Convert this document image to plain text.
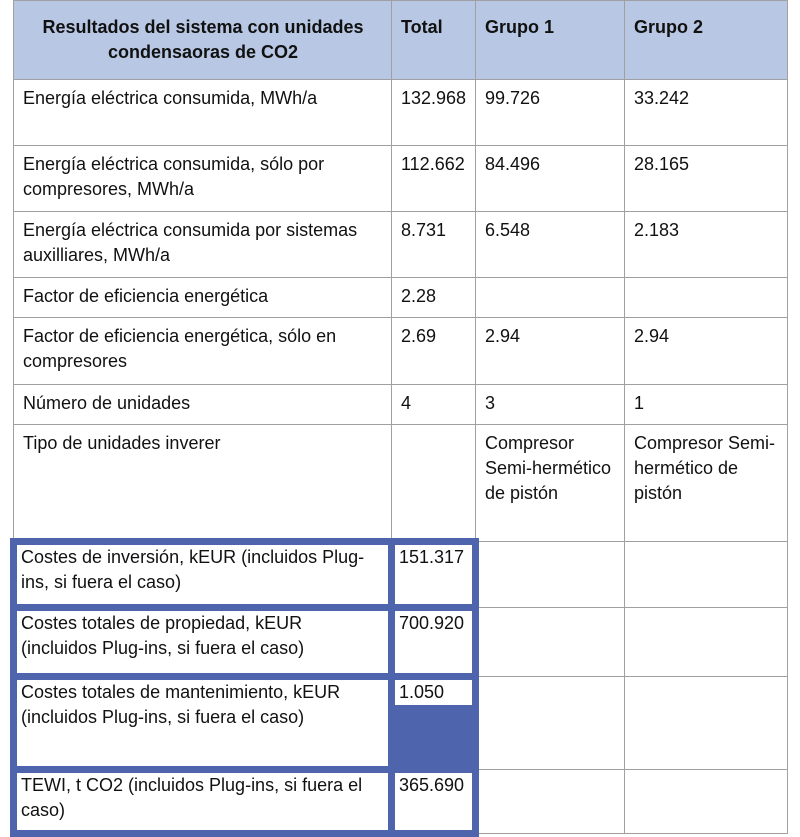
Resultados del sistema con unidades condensaoras de CO2	Total	Grupo 1	Grupo 2
Energía eléctrica consumida, MWh/a	132.968	99.726	33.242
Energía eléctrica consumida, sólo por compresores, MWh/a	112.662	84.496	28.165
Energía eléctrica consumida por sistemas auxilliares, MWh/a	8.731	6.548	2.183
Factor de eficiencia energética	2.28		
Factor de eficiencia energética, sólo en compresores	2.69	2.94	2.94
Número de unidades	4	3	1
Tipo de unidades inverer		Compresor Semi-hermético de pistón	Compresor Semi-hermético de pistón
Costes de inversión, kEUR (incluidos Plug-ins, si fuera el caso)	151.317		
Costes totales de propiedad, kEUR (incluidos Plug-ins, si fuera el caso)	700.920		
Costes totales de mantenimiento, kEUR (incluidos Plug-ins, si fuera el caso)	1.050		

TEWI, t CO2 (incluidos Plug-ins, si fuera el caso)	365.690		
